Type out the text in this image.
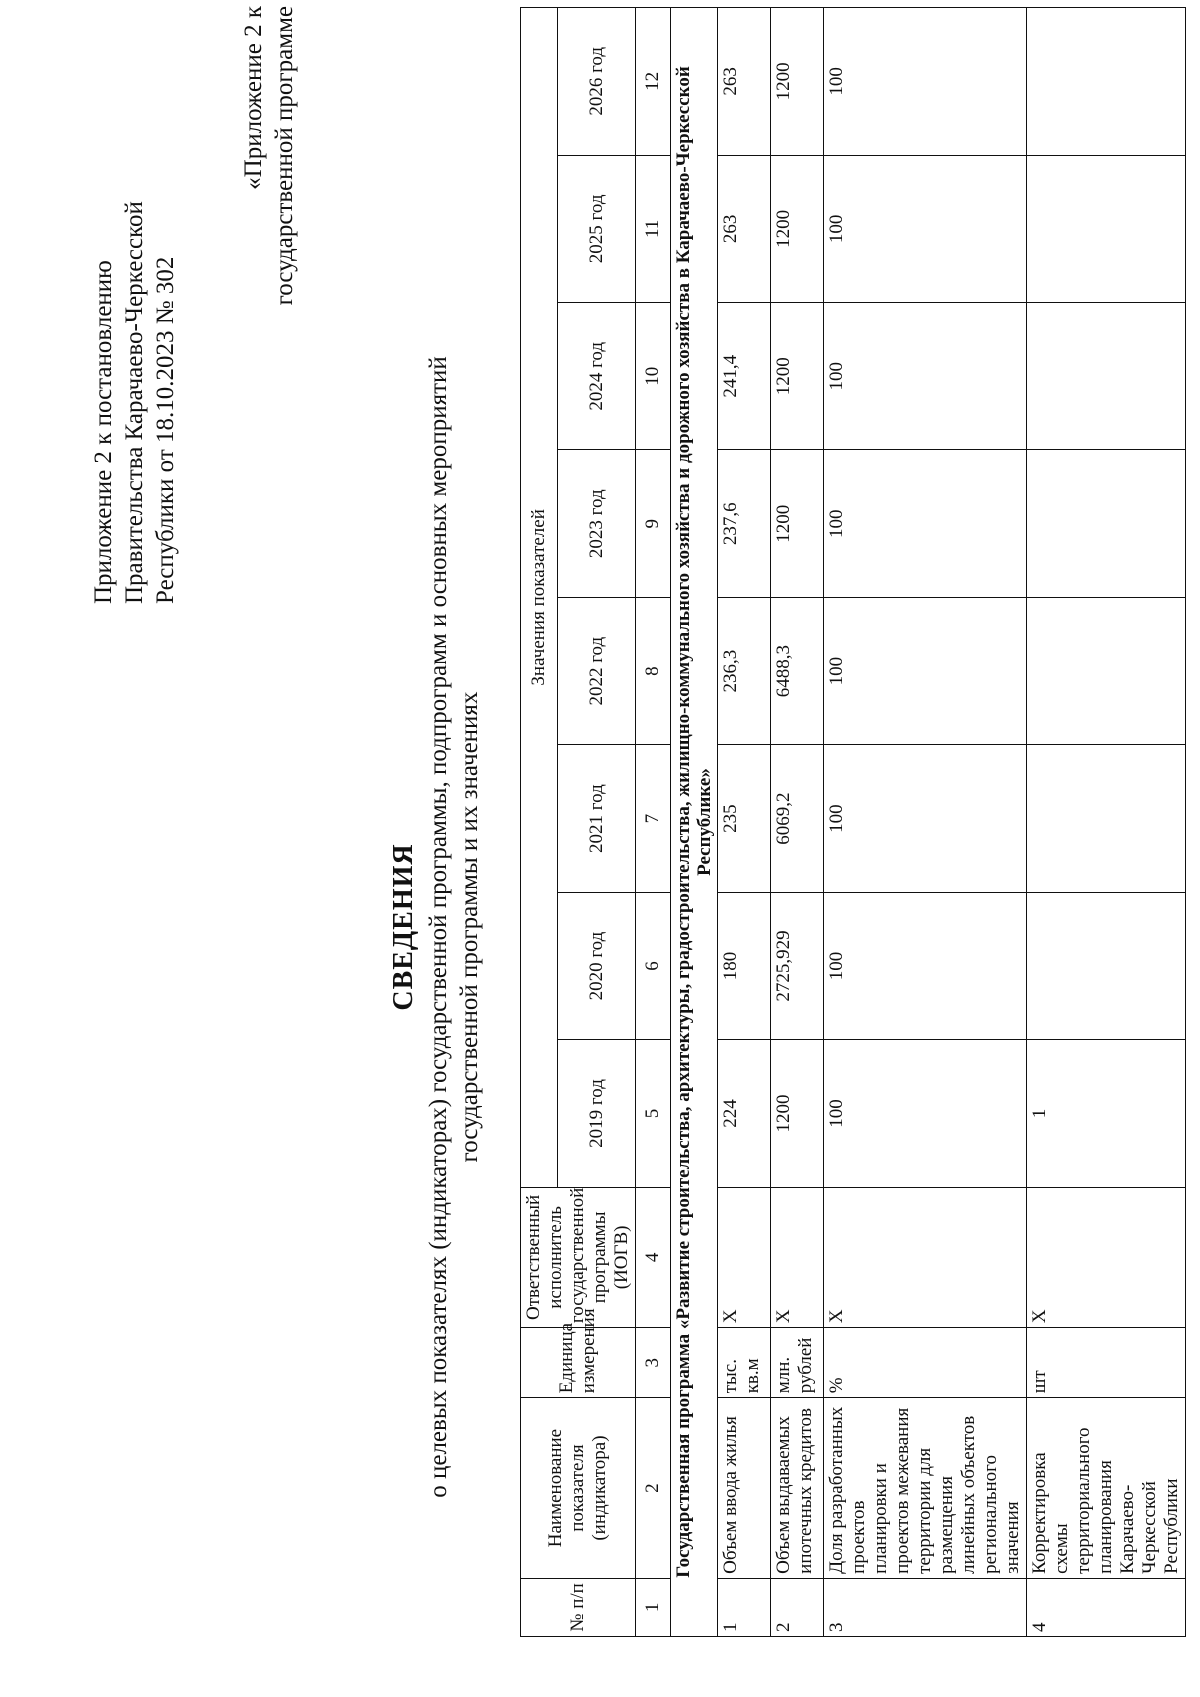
Приложение 2 к постановлению Правительства Карачаево-Черкесской Республики от 18.10.2023 № 302
«Приложение 2 к государственной программе
СВЕДЕНИЯ о целевых показателях (индикаторах) государственной программы, подпрограмм и основных мероприятий государственной программы и их значениях
№ п/п	Наименование показателя (индикатора)	Единица измерения	Ответственный исполнитель государственной программы (ИОГВ)	Значения показателей							
				2019 год	2020 год	2021 год	2022 год	2023 год	2024 год	2025 год	2026 год
1	2	3	4	5	6	7	8	9	10	11	12
Государственная программа «Развитие строительства, архитектуры, градостроительства, жилищно-коммунального хозяйства и дорожного хозяйства в Карачаево-Черкесской Республике»											
1	Объем ввода жилья	тыс. кв.м	Х	224	180	235	236,3	237,6	241,4	263	263
2	Объем выдаваемых ипотечных кредитов	млн. рублей	Х	1200	2725,929	6069,2	6488,3	1200	1200	1200	1200
3	Доля разработанных проектов планировки и проектов межевания территории для размещения линейных объектов регионального значения	%	Х	100	100	100	100	100	100	100	100
4	Корректировка схемы территориального планирования Карачаево-Черкесской Республики	шт	Х	1							
